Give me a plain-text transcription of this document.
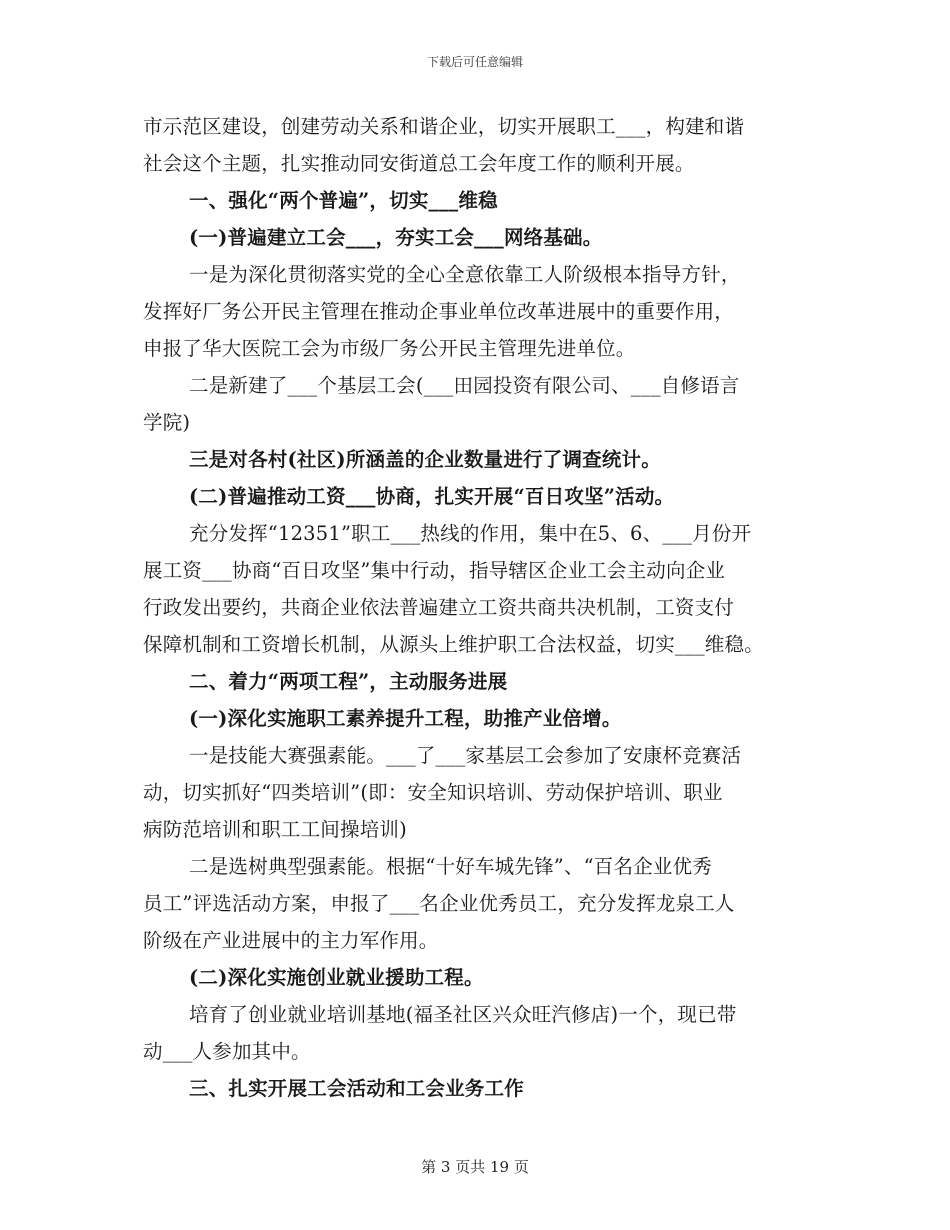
下载后可任意编辑
市示范区建设，创建劳动关系和谐企业，切实开展职工___，构建和谐
社会这个主题，扎实推动同安街道总工会年度工作的顺利开展。
一、强化“两个普遍”，切实___维稳
(一)普遍建立工会___，夯实工会___网络基础。
一是为深化贯彻落实党的全心全意依靠工人阶级根本指导方针，
发挥好厂务公开民主管理在推动企事业单位改革进展中的重要作用，
申报了华大医院工会为市级厂务公开民主管理先进单位。
二是新建了___个基层工会(___田园投资有限公司、___自修语言
学院)
三是对各村(社区)所涵盖的企业数量进行了调查统计。
(二)普遍推动工资___协商，扎实开展“百日攻坚”活动。
充分发挥“12351”职工___热线的作用，集中在5、6、___月份开
展工资___协商“百日攻坚”集中行动，指导辖区企业工会主动向企业
行政发出要约，共商企业依法普遍建立工资共商共决机制，工资支付
保障机制和工资增长机制，从源头上维护职工合法权益，切实___维稳。
二、着力“两项工程”，主动服务进展
(一)深化实施职工素养提升工程，助推产业倍增。
一是技能大赛强素能。___了___家基层工会参加了安康杯竞赛活
动，切实抓好“四类培训”(即：安全知识培训、劳动保护培训、职业
病防范培训和职工工间操培训)
二是选树典型强素能。根据“十好车城先锋”、“百名企业优秀
员工”评选活动方案，申报了___名企业优秀员工，充分发挥龙泉工人
阶级在产业进展中的主力军作用。
(二)深化实施创业就业援助工程。
培育了创业就业培训基地(福圣社区兴众旺汽修店)一个，现已带
动___人参加其中。
三、扎实开展工会活动和工会业务工作
第 3 页共 19 页
